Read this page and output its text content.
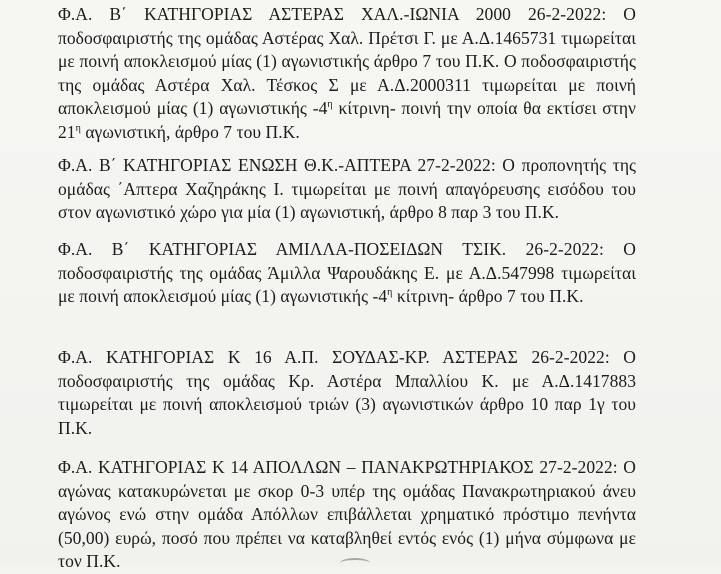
Φ.Α. Β΄ ΚΑΤΗΓΟΡΙΑΣ ΑΣΤΕΡΑΣ ΧΑΛ.-ΙΩΝΙΑ 2000 26-2-2022: Ο ποδοσφαιριστής της ομάδας Αστέρας Χαλ. Πρέτσι Γ. με Α.Δ.1465731 τιμωρείται με ποινή αποκλεισμού μίας (1) αγωνιστικής άρθρο 7 του Π.Κ. Ο ποδοσφαιριστής της ομάδας Αστέρα Χαλ. Τέσκος Σ με Α.Δ.2000311 τιμωρείται με ποινή αποκλεισμού μίας (1) αγωνιστικής $-4^\eta$ κίτρινη- ποινή την οποία θα εκτίσει στην $21^\eta$ αγωνιστική, άρθρο 7 του Π.Κ.

Φ.Α. Β΄ ΚΑΤΗΓΟΡΙΑΣ ΕΝΩΣΗ Θ.Κ.-ΑΠΤΕΡΑ 27-2-2022: Ο προπονητής της ομάδας ΄Απτερα Χαζηράκης Ι. τιμωρείται με ποινή απαγόρευσης εισόδου του στον αγωνιστικό χώρο για μία (1) αγωνιστική, άρθρο 8 παρ 3 του Π.Κ.

Φ.Α. Β΄ ΚΑΤΗΓΟΡΙΑΣ ΑΜΙΛΛΑ-ΠΟΣΕΙΔΩΝ ΤΣΙΚ. 26-2-2022: Ο ποδοσφαιριστής της ομάδας Άμιλλα Ψαρουδάκης Ε. με Α.Δ.547998 τιμωρείται με ποινή αποκλεισμού μίας (1) αγωνιστικής $-4^\eta$ κίτρινη- άρθρο 7 του Π.Κ.

Φ.Α. ΚΑΤΗΓΟΡΙΑΣ Κ 16 Α.Π. ΣΟΥΔΑΣ-ΚΡ. ΑΣΤΕΡΑΣ 26-2-2022: Ο ποδοσφαιριστής της ομάδας Κρ. Αστέρα Μπαλλίου Κ. με Α.Δ.1417883 τιμωρείται με ποινή αποκλεισμού τριών (3) αγωνιστικών άρθρο 10 παρ 1γ του Π.Κ.

Φ.Α. ΚΑΤΗΓΟΡΙΑΣ Κ 14 ΑΠΟΛΛΩΝ – ΠΑΝΑΚΡΩΤΗΡΙΑΚΟΣ 27-2-2022: Ο αγώνας κατακυρώνεται με σκορ 0-3 υπέρ της ομάδας Πανακρωτηριακού άνευ αγώνος ενώ στην ομάδα Απόλλων επιβάλλεται χρηματικό πρόστιμο πενήντα (50,00) ευρώ, ποσό που πρέπει να καταβληθεί εντός ενός (1) μήνα σύμφωνα με τον Π.Κ.
